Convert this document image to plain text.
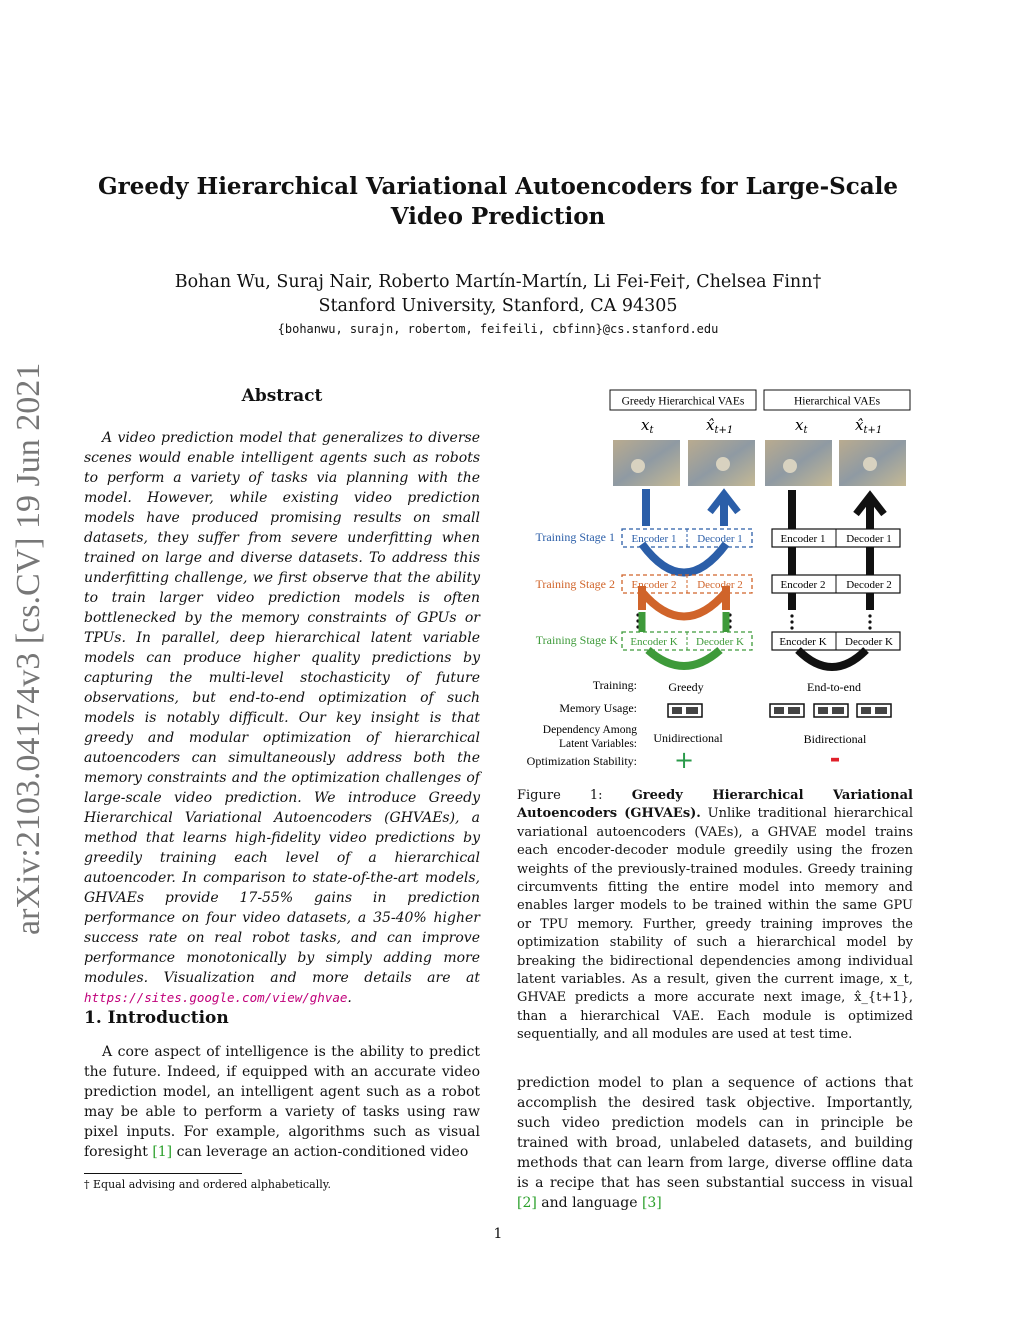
Greedy Hierarchical Variational Autoencoders for Large-Scale Video Prediction
Bohan Wu, Suraj Nair, Roberto Martín-Martín, Li Fei-Fei†, Chelsea Finn†
Stanford University, Stanford, CA 94305
{bohanwu, surajn, robertom, feifeili, cbfinn}@cs.stanford.edu
arXiv:2103.04174v3 [cs.CV] 19 Jun 2021	Abstract

A video prediction model that generalizes to diverse scenes would enable intelligent agents such as robots to perform a variety of tasks via planning with the model. However, while existing video prediction models have produced promising results on small datasets, they suffer from severe underfitting when trained on large and diverse datasets. To address this underfitting challenge, we first observe that the ability to train larger video prediction models is often bottlenecked by the memory constraints of GPUs or TPUs. In parallel, deep hierarchical latent variable models can produce higher quality predictions by capturing the multi-level stochasticity of future observations, but end-to-end optimization of such models is notably difficult. Our key insight is that greedy and modular optimization of hierarchical autoencoders can simultaneously address both the memory constraints and the optimization challenges of large-scale video prediction. We introduce Greedy Hierarchical Variational Autoencoders (GHVAEs), a method that learns high-fidelity video predictions by greedily training each level of a hierarchical autoencoder. In comparison to state-of-the-art models, GHVAEs provide 17-55% gains in prediction performance on four video datasets, a 35-40% higher success rate on real robot tasks, and can improve performance monotonically by simply adding more modules. Visualization and more details are at https://sites.google.com/view/ghvae.

1. Introduction

A core aspect of intelligence is the ability to predict the future. Indeed, if equipped with an accurate video prediction model, an intelligent agent such as a robot may be able to perform a variety of tasks using raw pixel inputs. For example, algorithms such as visual foresight [1] can leverage an action-conditioned video

† Equal advising and ordered alphabetically.
Greedy Hierarchical VAEs	Hierarchical VAEs
$x_t$	$x̂_{t+1}$	$x_t$	$x̂_{t+1}$
Encoder 1 Decoder 1
Training Stage 1
Encoder 2 Decoder 2
Training Stage 2
Encoder K Decoder K
Training Stage K
Encoder 1 Decoder 1
Encoder 2 Decoder 2
Encoder K Decoder K
Training:	Greedy	End-to-end
Memory Usage:
Dependency Among
Latent Variables: Unidirectional	Bidirectional
Optimization Stability: +	-

Figure 1: Greedy Hierarchical Variational Autoencoders (GHVAEs). Unlike traditional hierarchical variational autoencoders (VAEs), a GHVAE model trains each encoder-decoder module greedily using the frozen weights of the previously-trained modules. Greedy training circumvents fitting the entire model into memory and enables larger models to be trained within the same GPU or TPU memory. Further, greedy training improves the optimization stability of such a hierarchical model by breaking the bidirectional dependencies among individual latent variables. As a result, given the current image, x_t, GHVAE predicts a more accurate next image, x̂_{t+1}, than a hierarchical VAE. Each module is optimized sequentially, and all modules are used at test time.

prediction model to plan a sequence of actions that accomplish the desired task objective. Importantly, such video prediction models can in principle be trained with broad, unlabeled datasets, and building methods that can learn from large, diverse offline data is a recipe that has seen substantial success in visual [2] and language [3]

1
